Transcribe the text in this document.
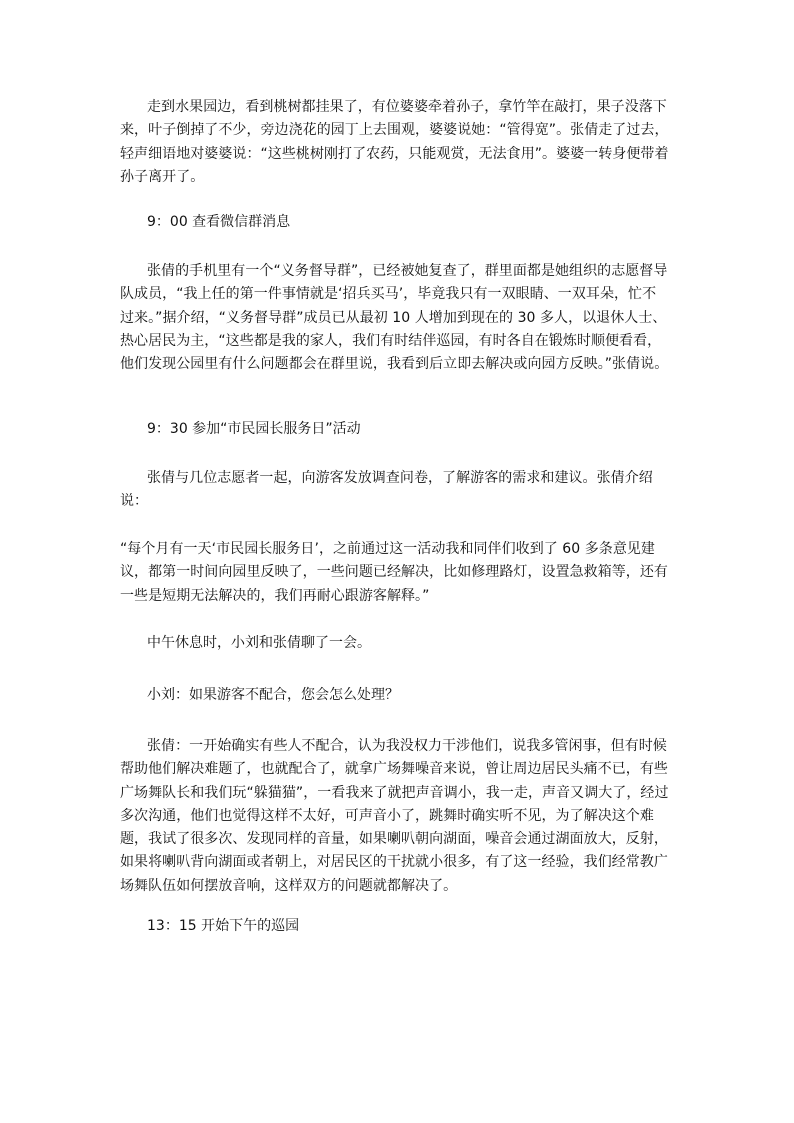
走到水果园边，看到桃树都挂果了，有位婆婆牵着孙子，拿竹竿在敲打，果子没落下来，叶子倒掉了不少，旁边浇花的园丁上去围观，婆婆说她：“管得宽”。张倩走了过去，轻声细语地对婆婆说：“这些桃树刚打了农药，只能观赏，无法食用”。婆婆一转身便带着孙子离开了。
9：00 查看微信群消息
张倩的手机里有一个“义务督导群”，已经被她复查了，群里面都是她组织的志愿督导队成员，“我上任的第一件事情就是‘招兵买马’，毕竟我只有一双眼睛、一双耳朵，忙不过来。”据介绍，“义务督导群”成员已从最初 10 人增加到现在的 30 多人，以退休人士、热心居民为主，“这些都是我的家人，我们有时结伴巡园，有时各自在锻炼时顺便看看，他们发现公园里有什么问题都会在群里说，我看到后立即去解决或向园方反映。”张倩说。
9：30 参加“市民园长服务日”活动
张倩与几位志愿者一起，向游客发放调查问卷，了解游客的需求和建议。张倩介绍说：
“每个月有一天‘市民园长服务日’，之前通过这一活动我和同伴们收到了 60 多条意见建议，都第一时间向园里反映了，一些问题已经解决，比如修理路灯，设置急救箱等，还有一些是短期无法解决的，我们再耐心跟游客解释。”
中午休息时，小刘和张倩聊了一会。
小刘：如果游客不配合，您会怎么处理？
张倩：一开始确实有些人不配合，认为我没权力干涉他们，说我多管闲事，但有时候帮助他们解决难题了，也就配合了，就拿广场舞噪音来说，曾让周边居民头痛不已，有些广场舞队长和我们玩“躲猫猫”，一看我来了就把声音调小，我一走，声音又调大了，经过多次沟通，他们也觉得这样不太好，可声音小了，跳舞时确实听不见，为了解决这个难题，我试了很多次、发现同样的音量，如果喇叭朝向湖面，噪音会通过湖面放大，反射，如果将喇叭背向湖面或者朝上，对居民区的干扰就小很多，有了这一经验，我们经常教广场舞队伍如何摆放音响，这样双方的问题就都解决了。
13：15 开始下午的巡园
